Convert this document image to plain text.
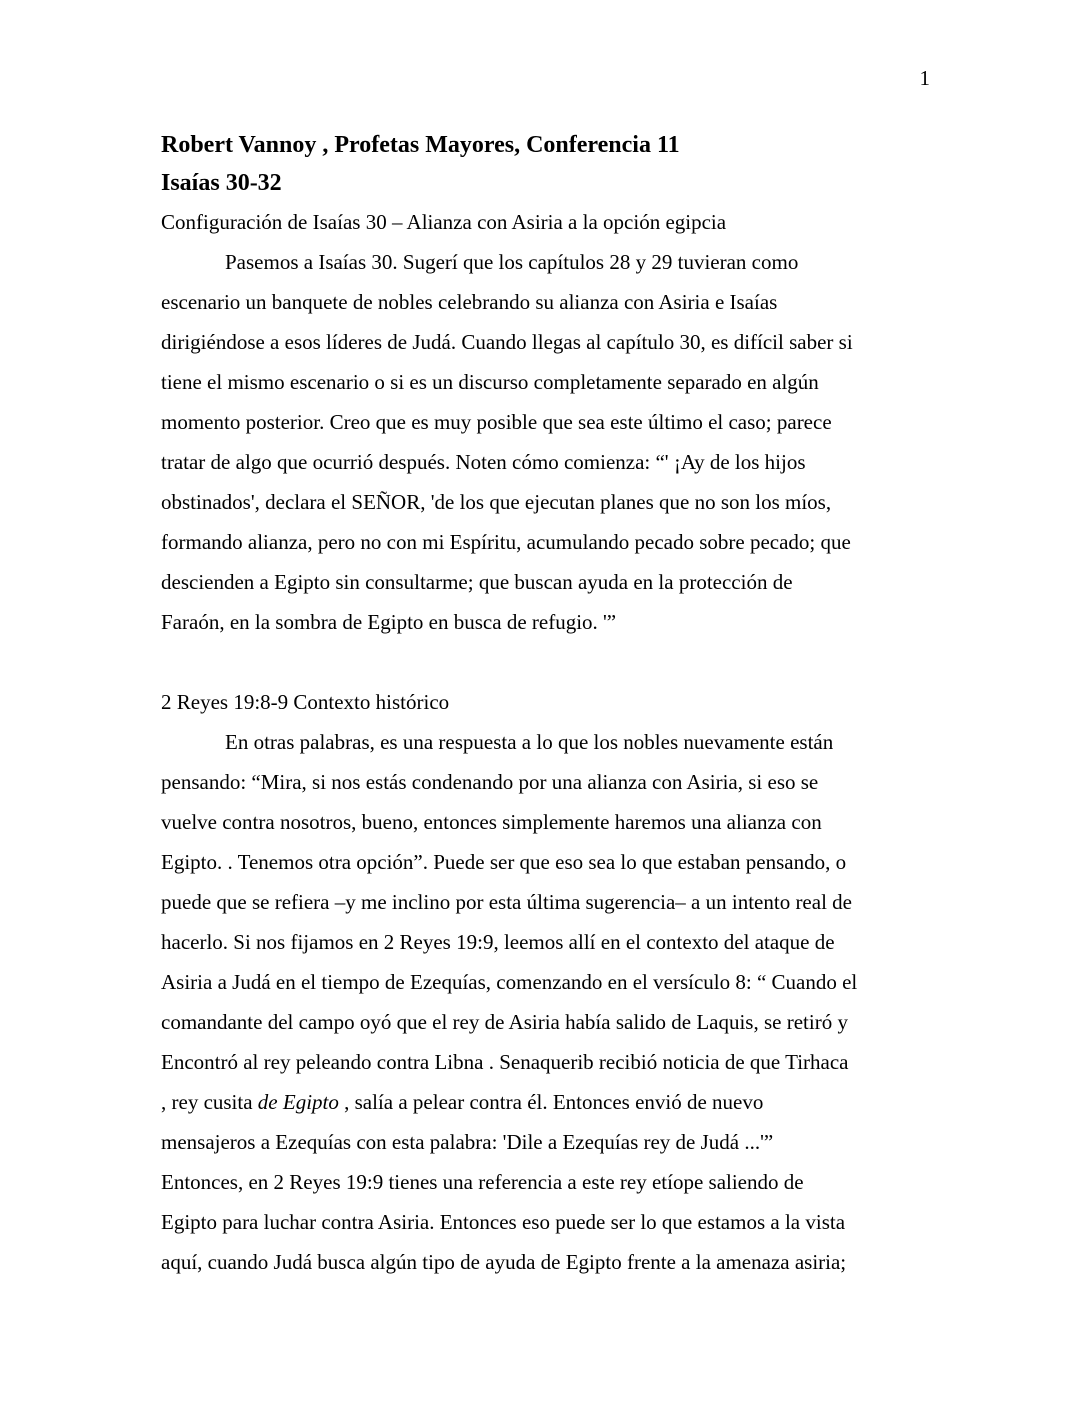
1

Robert Vannoy , Profetas Mayores, Conferencia 11

Isaías 30-32

Configuración de Isaías 30 – Alianza con Asiria a la opción egipcia

Pasemos a Isaías 30. Sugerí que los capítulos 28 y 29 tuvieran como

escenario un banquete de nobles celebrando su alianza con Asiria e Isaías

dirigiéndose a esos líderes de Judá. Cuando llegas al capítulo 30, es difícil saber si

tiene el mismo escenario o si es un discurso completamente separado en algún

momento posterior. Creo que es muy posible que sea este último el caso; parece

tratar de algo que ocurrió después. Noten cómo comienza: “' ¡Ay de los hijos

obstinados', declara el SEÑOR, 'de los que ejecutan planes que no son los míos,

formando alianza, pero no con mi Espíritu, acumulando pecado sobre pecado; que

descienden a Egipto sin consultarme; que buscan ayuda en la protección de

Faraón, en la sombra de Egipto en busca de refugio. '”

2 Reyes 19:8-9 Contexto histórico

En otras palabras, es una respuesta a lo que los nobles nuevamente están

pensando: “Mira, si nos estás condenando por una alianza con Asiria, si eso se

vuelve contra nosotros, bueno, entonces simplemente haremos una alianza con

Egipto. . Tenemos otra opción”. Puede ser que eso sea lo que estaban pensando, o

puede que se refiera –y me inclino por esta última sugerencia– a un intento real de

hacerlo. Si nos fijamos en 2 Reyes 19:9, leemos allí en el contexto del ataque de

Asiria a Judá en el tiempo de Ezequías, comenzando en el versículo 8: “ Cuando el

comandante del campo oyó que el rey de Asiria había salido de Laquis, se retiró y

Encontró al rey peleando contra Libna . Senaquerib recibió noticia de que Tirhaca

, rey cusita de Egipto , salía a pelear contra él. Entonces envió de nuevo

mensajeros a Ezequías con esta palabra: 'Dile a Ezequías rey de Judá ...'”

Entonces, en 2 Reyes 19:9 tienes una referencia a este rey etíope saliendo de

Egipto para luchar contra Asiria. Entonces eso puede ser lo que estamos a la vista

aquí, cuando Judá busca algún tipo de ayuda de Egipto frente a la amenaza asiria;
